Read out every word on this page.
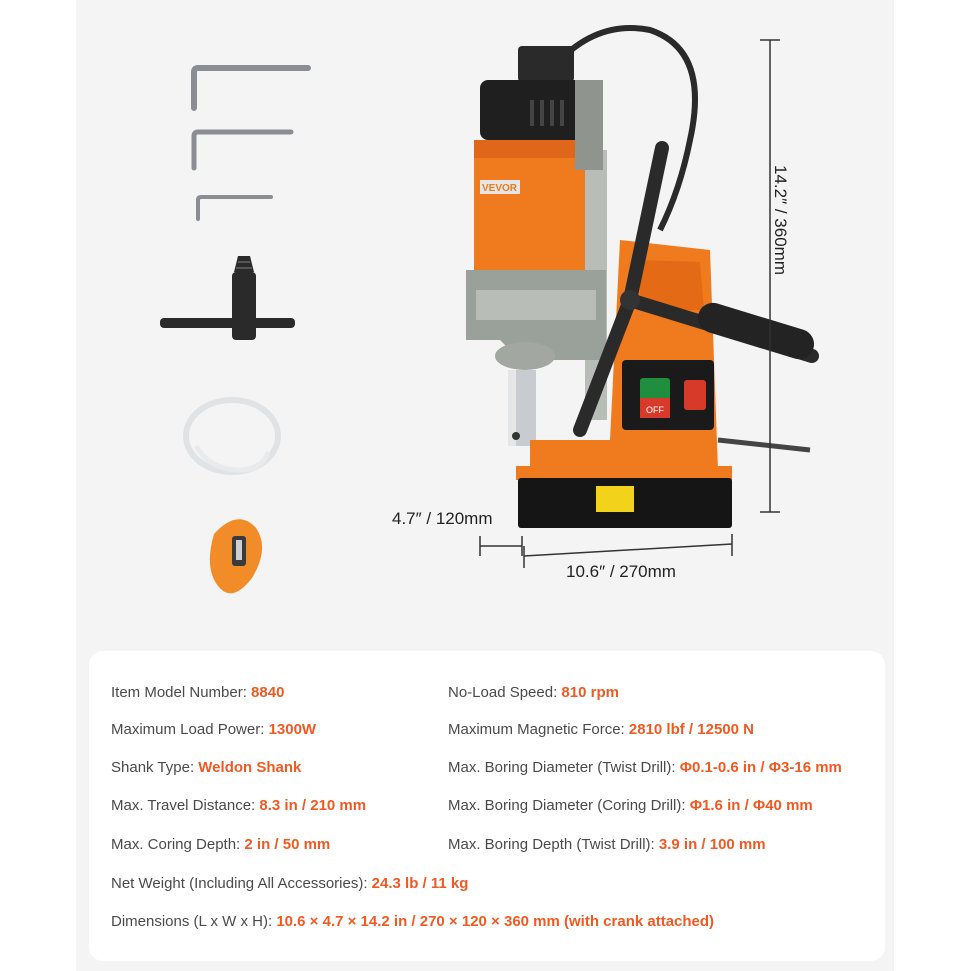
VEVOR
OFF
14.2″ / 360mm
4.7″ / 120mm
10.6″ / 270mm
Item Model Number: 8840	No-Load Speed: 810 rpm
Maximum Load Power: 1300W	Maximum Magnetic Force: 2810 lbf / 12500 N
Shank Type: Weldon Shank	Max. Boring Diameter (Twist Drill): Φ0.1-0.6 in / Φ3-16 mm
Max. Travel Distance: 8.3 in / 210 mm	Max. Boring Diameter (Coring Drill): Φ1.6 in / Φ40 mm
Max. Coring Depth: 2 in / 50 mm	Max. Boring Depth (Twist Drill): 3.9 in / 100 mm
Net Weight (Including All Accessories): 24.3 lb / 11 kg
Dimensions (L x W x H): 10.6 × 4.7 × 14.2 in / 270 × 120 × 360 mm (with crank attached)
